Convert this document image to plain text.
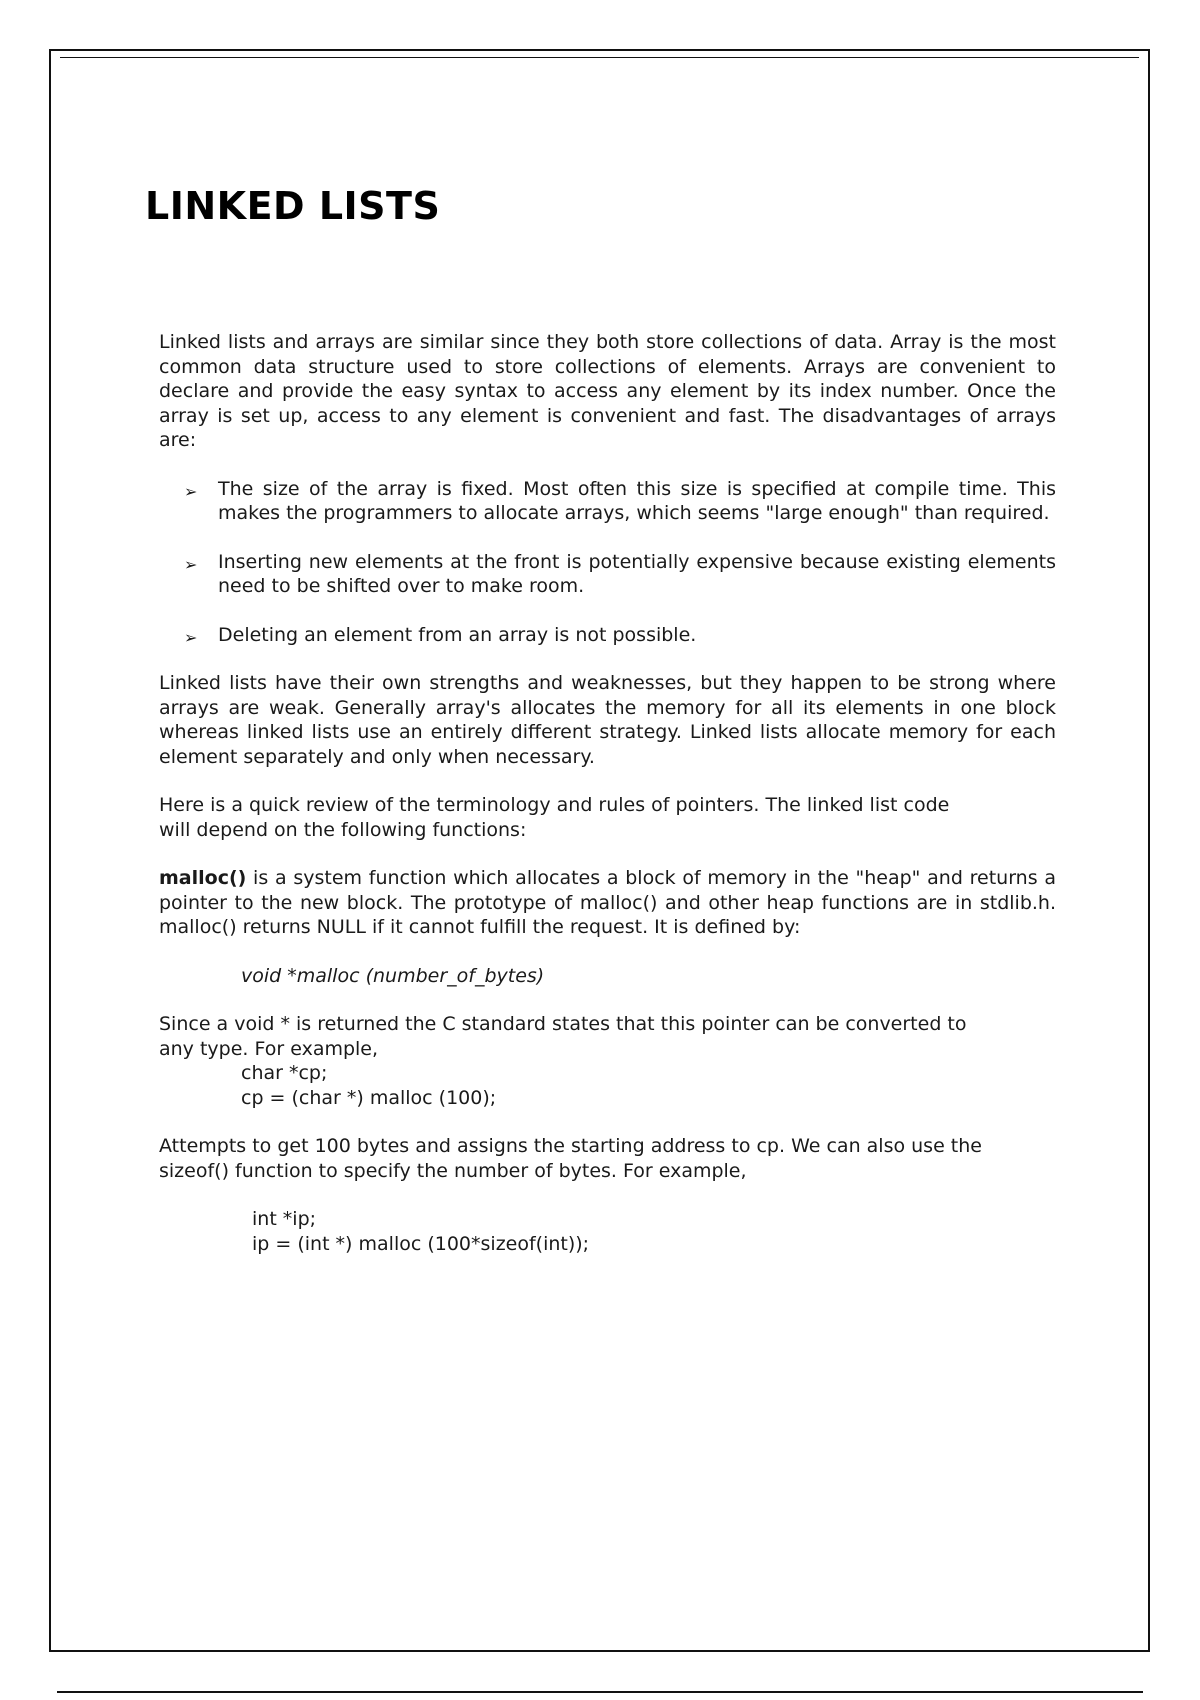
LINKED LISTS

Linked lists and arrays are similar since they both store collections of data. Array is the most common data structure used to store collections of elements. Arrays are convenient to declare and provide the easy syntax to access any element by its index number. Once the array is set up, access to any element is convenient and fast. The disadvantages of arrays are:

➢ The size of the array is fixed. Most often this size is specified at compile time. This makes the programmers to allocate arrays, which seems "large enough" than required.
➢ Inserting new elements at the front is potentially expensive because existing elements need to be shifted over to make room.
➢ Deleting an element from an array is not possible.

Linked lists have their own strengths and weaknesses, but they happen to be strong where arrays are weak. Generally array's allocates the memory for all its elements in one block whereas linked lists use an entirely different strategy. Linked lists allocate memory for each element separately and only when necessary.

Here is a quick review of the terminology and rules of pointers. The linked list code

will depend on the following functions:

malloc() is a system function which allocates a block of memory in the "heap" and returns a pointer to the new block. The prototype of malloc() and other heap functions are in stdlib.h. malloc() returns NULL if it cannot fulfill the request. It is defined by:

void *malloc (number_of_bytes)

Since a void * is returned the C standard states that this pointer can be converted to

any type. For example,

char *cp;

cp = (char *) malloc (100);

Attempts to get 100 bytes and assigns the starting address to cp. We can also use the

sizeof() function to specify the number of bytes. For example,

int *ip;

ip = (int *) malloc (100*sizeof(int));
